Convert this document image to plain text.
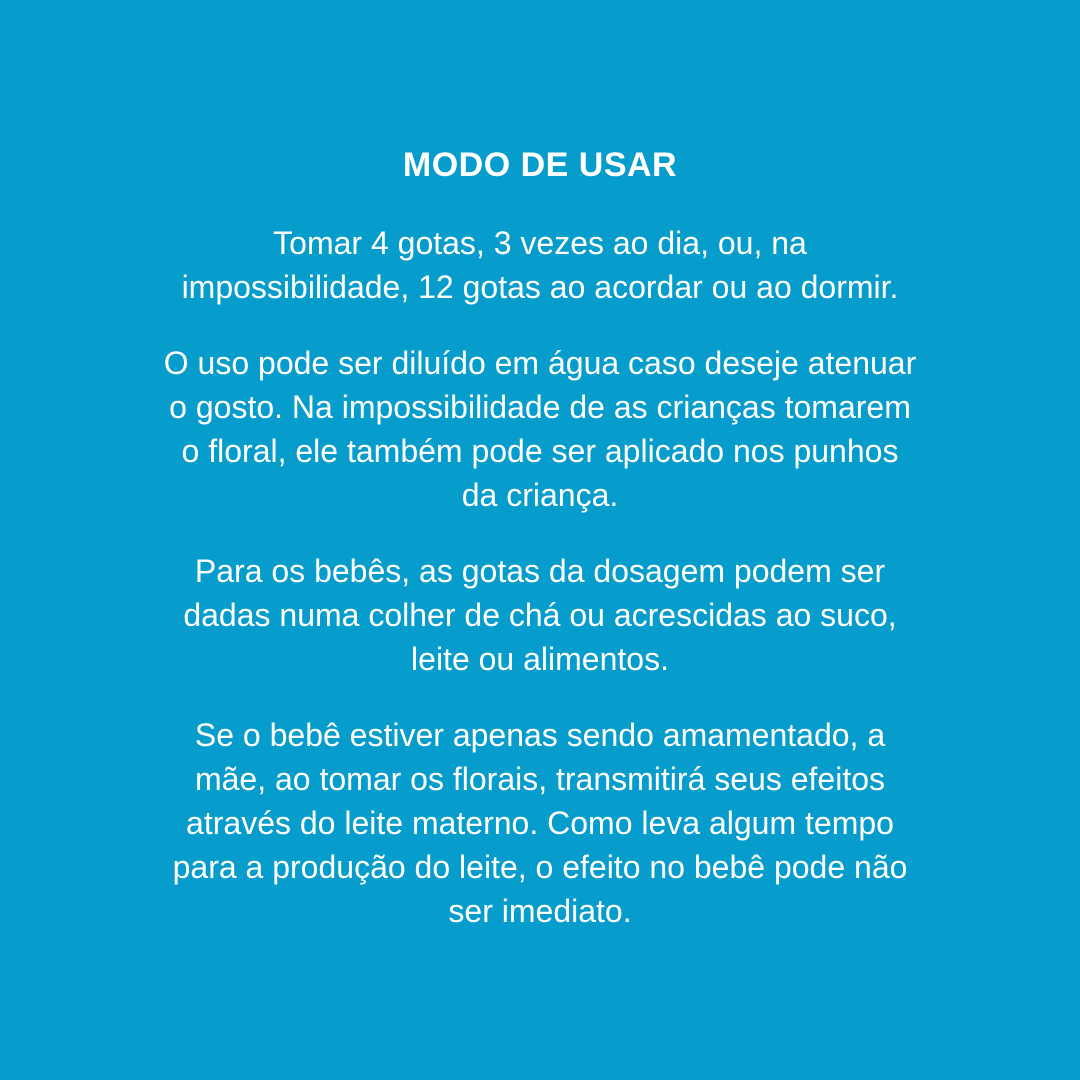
MODO DE USAR
Tomar 4 gotas, 3 vezes ao dia, ou, na
impossibilidade, 12 gotas ao acordar ou ao dormir.
O uso pode ser diluído em água caso deseje atenuar
o gosto. Na impossibilidade de as crianças tomarem
o floral, ele também pode ser aplicado nos punhos
da criança.
Para os bebês, as gotas da dosagem podem ser
dadas numa colher de chá ou acrescidas ao suco,
leite ou alimentos.
Se o bebê estiver apenas sendo amamentado, a
mãe, ao tomar os florais, transmitirá seus efeitos
através do leite materno. Como leva algum tempo
para a produção do leite, o efeito no bebê pode não
ser imediato.
